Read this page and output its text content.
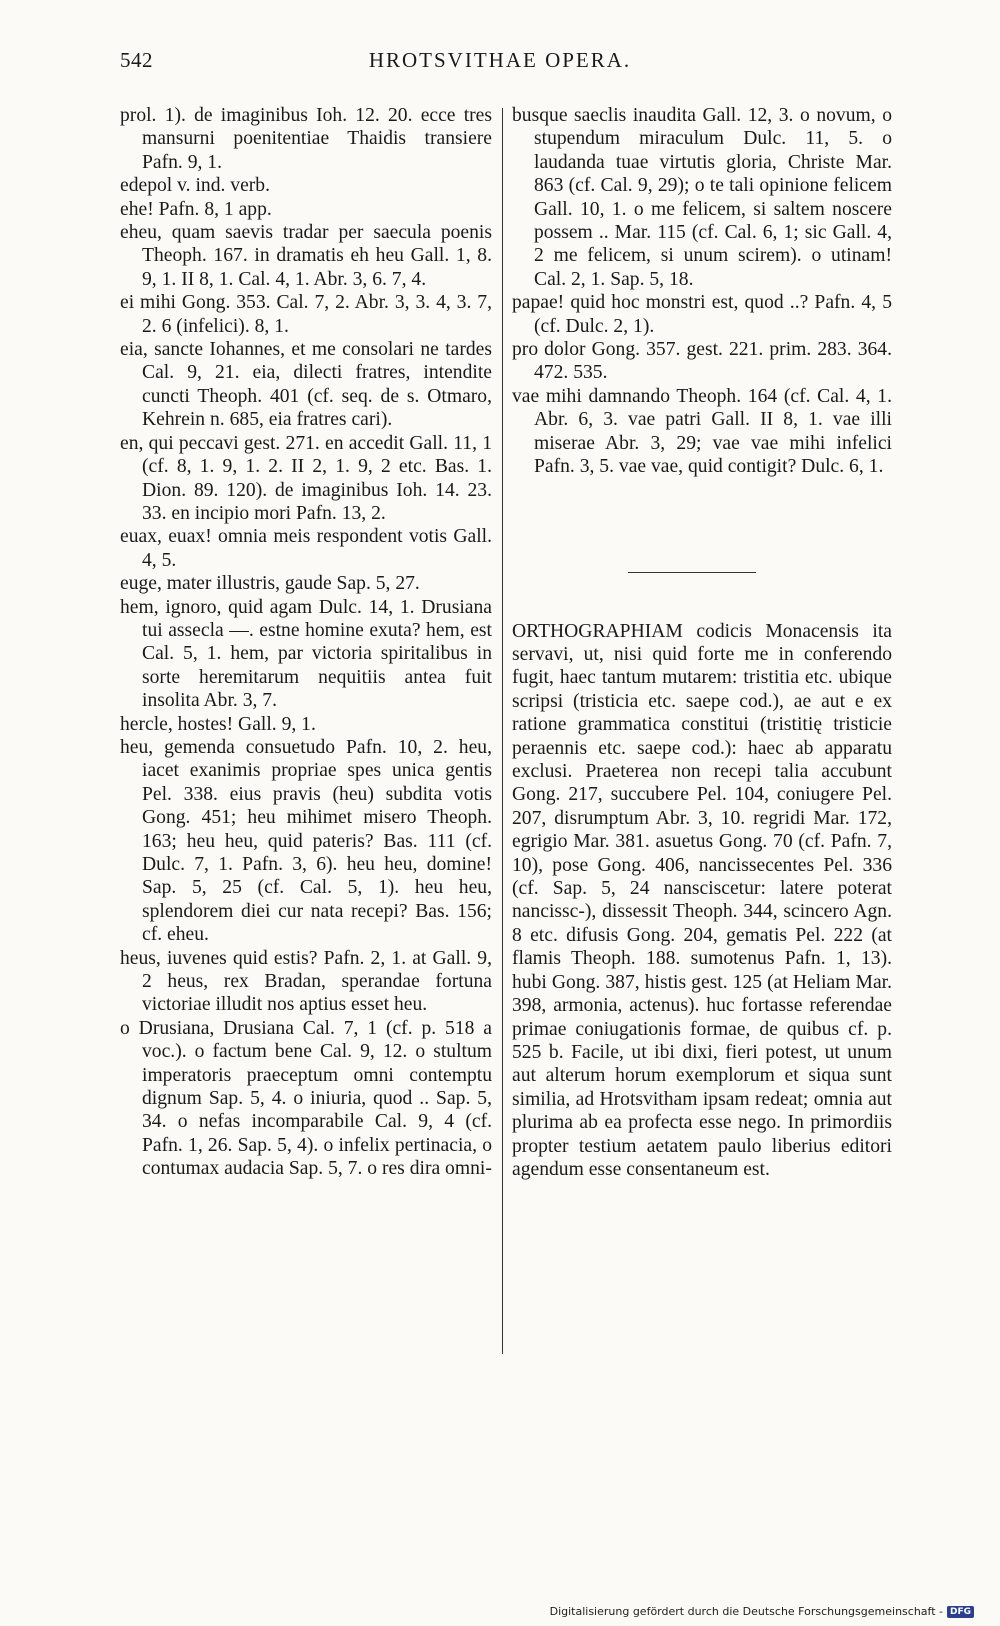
542	HROTSVITHAE OPERA.

prol. 1). de imaginibus Ioh. 12. 20. ecce tres mansurni poenitentiae Thaidis transiere Pafn. 9, 1.

edepol v. ind. verb.

ehe! Pafn. 8, 1 app.

eheu, quam saevis tradar per saecula poenis Theoph. 167. in dramatis eh heu Gall. 1, 8. 9, 1. II 8, 1. Cal. 4, 1. Abr. 3, 6. 7, 4.

ei mihi Gong. 353. Cal. 7, 2. Abr. 3, 3. 4, 3. 7, 2. 6 (infelici). 8, 1.

eia, sancte Iohannes, et me consolari ne tardes Cal. 9, 21. eia, dilecti fratres, intendite cuncti Theoph. 401 (cf. seq. de s. Otmaro, Kehrein n. 685, eia fratres cari).

en, qui peccavi gest. 271. en accedit Gall. 11, 1 (cf. 8, 1. 9, 1. 2. II 2, 1. 9, 2 etc. Bas. 1. Dion. 89. 120). de imaginibus Ioh. 14. 23. 33. en incipio mori Pafn. 13, 2.

euax, euax! omnia meis respondent votis Gall. 4, 5.

euge, mater illustris, gaude Sap. 5, 27.

hem, ignoro, quid agam Dulc. 14, 1. Drusiana tui assecla —. estne homine exuta? hem, est Cal. 5, 1. hem, par victoria spiritalibus in sorte heremitarum nequitiis antea fuit insolita Abr. 3, 7.

hercle, hostes! Gall. 9, 1.

heu, gemenda consuetudo Pafn. 10, 2. heu, iacet exanimis propriae spes unica gentis Pel. 338. eius pravis (heu) subdita votis Gong. 451; heu mihimet misero Theoph. 163; heu heu, quid pateris? Bas. 111 (cf. Dulc. 7, 1. Pafn. 3, 6). heu heu, domine! Sap. 5, 25 (cf. Cal. 5, 1). heu heu, splendorem diei cur nata recepi? Bas. 156; cf. eheu.

heus, iuvenes quid estis? Pafn. 2, 1. at Gall. 9, 2 heus, rex Bradan, sperandae fortuna victoriae illudit nos aptius esset heu.

o Drusiana, Drusiana Cal. 7, 1 (cf. p. 518 a voc.). o factum bene Cal. 9, 12. o stultum imperatoris praeceptum omni contemptu dignum Sap. 5, 4. o iniuria, quod .. Sap. 5, 34. o nefas incomparabile Cal. 9, 4 (cf. Pafn. 1, 26. Sap. 5, 4). o infelix pertinacia, o contumax audacia Sap. 5, 7. o res dira omni-

busque saeclis inaudita Gall. 12, 3. o novum, o stupendum miraculum Dulc. 11, 5. o laudanda tuae virtutis gloria, Christe Mar. 863 (cf. Cal. 9, 29); o te tali opinione felicem Gall. 10, 1. o me felicem, si saltem noscere possem .. Mar. 115 (cf. Cal. 6, 1; sic Gall. 4, 2 me felicem, si unum scirem). o utinam! Cal. 2, 1. Sap. 5, 18.

papae! quid hoc monstri est, quod ..? Pafn. 4, 5 (cf. Dulc. 2, 1).

pro dolor Gong. 357. gest. 221. prim. 283. 364. 472. 535.

vae mihi damnando Theoph. 164 (cf. Cal. 4, 1. Abr. 6, 3. vae patri Gall. II 8, 1. vae illi miserae Abr. 3, 29; vae vae mihi infelici Pafn. 3, 5. vae vae, quid contigit? Dulc. 6, 1.

ORTHOGRAPHIAM codicis Monacensis ita servavi, ut, nisi quid forte me in conferendo fugit, haec tantum mutarem: tristitia etc. ubique scripsi (tristicia etc. saepe cod.), ae aut e ex ratione grammatica constitui (tristitię tristicie peraennis etc. saepe cod.): haec ab apparatu exclusi. Praeterea non recepi talia accubunt Gong. 217, succubere Pel. 104, coniugere Pel. 207, disrumptum Abr. 3, 10. regridi Mar. 172, egrigio Mar. 381. asuetus Gong. 70 (cf. Pafn. 7, 10), pose Gong. 406, nancissecentes Pel. 336 (cf. Sap. 5, 24 nansciscetur: latere poterat nancissc-), dissessit Theoph. 344, scincero Agn. 8 etc. difusis Gong. 204, gematis Pel. 222 (at flamis Theoph. 188. sumotenus Pafn. 1, 13). hubi Gong. 387, histis gest. 125 (at Heliam Mar. 398, armonia, actenus). huc fortasse referendae primae coniugationis formae, de quibus cf. p. 525 b. Facile, ut ibi dixi, fieri potest, ut unum aut alterum horum exemplorum et siqua sunt similia, ad Hrotsvitham ipsam redeat; omnia aut plurima ab ea profecta esse nego. In primordiis propter testium aetatem paulo liberius editori agendum esse consentaneum est.

Digitalisierung gefördert durch die Deutsche Forschungsgemeinschaft - DFG
